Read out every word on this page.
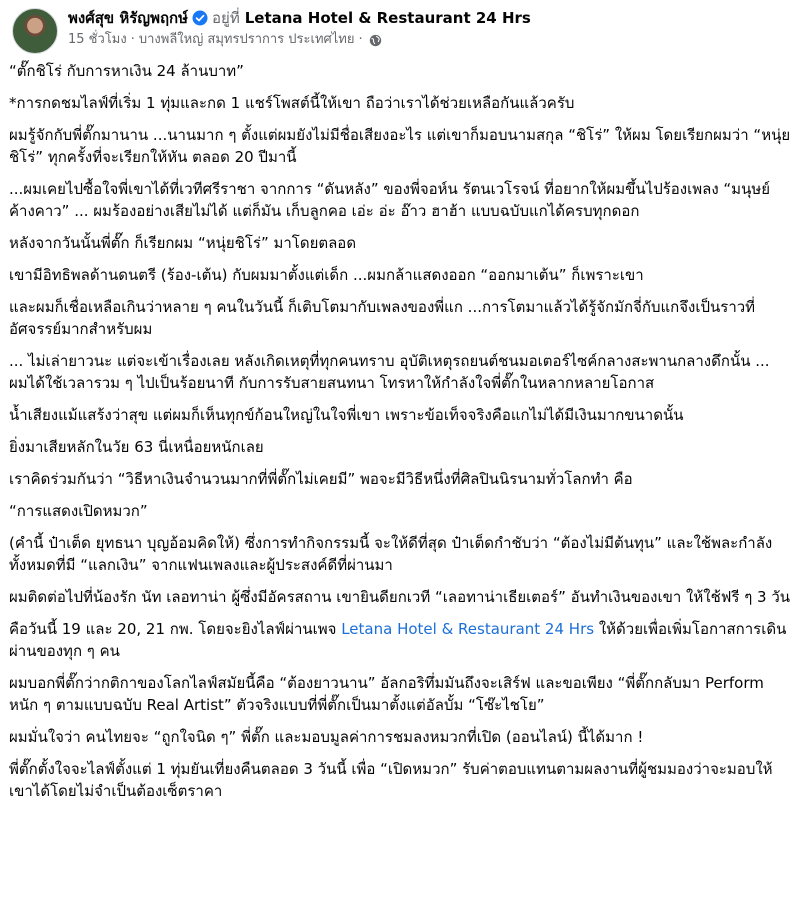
พงศ์สุข หิรัญพฤกษ์ อยู่ที่ Letana Hotel & Restaurant 24 Hrs
15 ชั่วโมง · บางพลีใหญ่ สมุทรปราการ ประเทศไทย ·

“ตั๊กชิโร่ กับการหาเงิน 24 ล้านบาท”

*การกดชมไลฟ์ที่เริ่ม 1 ทุ่มและกด 1 แชร์โพสต์นี้ให้เขา ถือว่าเราได้ช่วยเหลือกันแล้วครับ

ผมรู้จักกับพี่ตั๊กมานาน ...นานมาก ๆ ตั้งแต่ผมยังไม่มีชื่อเสียงอะไร แต่เขาก็มอบนามสกุล “ชิโร่” ให้ผม โดยเรียกผมว่า “หนุ่ยชิโร่” ทุกครั้งที่จะเรียกให้หัน ตลอด 20 ปีมานี้

...ผมเคยไปซื้อใจพี่เขาได้ที่เวทีศรีราชา จากการ “ดันหลัง” ของพี่จอห์น รัตนเวโรจน์ ที่อยากให้ผมขึ้นไปร้องเพลง “มนุษย์ค้างคาว” ... ผมร้องอย่างเสียไม่ได้ แต่ก็มัน เก็บลูกคอ เอ่ะ อ่ะ อ๊าว ฮาฮ้า แบบฉบับแกได้ครบทุกดอก

หลังจากวันนั้นพี่ตั๊ก ก็เรียกผม “หนุ่ยชิโร่” มาโดยตลอด

เขามีอิทธิพลด้านดนตรี (ร้อง-เต้น) กับผมมาตั้งแต่เด็ก ...ผมกล้าแสดงออก “ออกมาเต้น” ก็เพราะเขา

และผมก็เชื่อเหลือเกินว่าหลาย ๆ คนในวันนี้ ก็เติบโตมากับเพลงของพี่แก ...การโตมาแล้วได้รู้จักมักจี่กับแกจึงเป็นราวที่อัศจรรย์มากสำหรับผม

... ไม่เล่ายาวนะ แต่จะเข้าเรื่องเลย หลังเกิดเหตุที่ทุกคนทราบ อุบัติเหตุรถยนต์ชนมอเตอร์ไซค์กลางสะพานกลางดึกนั้น ... ผมได้ใช้เวลารวม ๆ ไปเป็นร้อยนาที กับการรับสายสนทนา โทรหาให้กำลังใจพี่ตั๊กในหลากหลายโอกาส

น้ำเสียงแม้แสร้งว่าสุข แต่ผมก็เห็นทุกข์ก้อนใหญ่ในใจพี่เขา เพราะข้อเท็จจริงคือแกไม่ได้มีเงินมากขนาดนั้น

ยิ่งมาเสียหลักในวัย 63 นี่เหนื่อยหนักเลย

เราคิดร่วมกันว่า “วิธีหาเงินจำนวนมากที่พี่ตั๊กไม่เคยมี” พอจะมีวิธีหนึ่งที่ศิลปินนิรนามทั่วโลกทำ คือ

“การแสดงเปิดหมวก”

(คำนี้ ป๋าเต็ด ยุทธนา บุญอ้อมคิดให้) ซึ่งการทำกิจกรรมนี้ จะให้ดีที่สุด ป๋าเต็ดกำชับว่า “ต้องไม่มีต้นทุน” และใช้พละกำลังทั้งหมดที่มี “แลกเงิน” จากแฟนเพลงและผู้ประสงค์ดีที่ผ่านมา

ผมติดต่อไปที่น้องรัก นัท เลอทาน่า ผู้ซึ่งมีอัครสถาน เขายินดียกเวที “เลอทาน่าเธียเตอร์” อันทำเงินของเขา ให้ใช้ฟรี ๆ 3 วัน

คือวันนี้ 19 และ 20, 21 กพ. โดยจะยิงไลฟ์ผ่านเพจ Letana Hotel & Restaurant 24 Hrs ให้ด้วยเพื่อเพิ่มโอกาสการเดินผ่านของทุก ๆ คน

ผมบอกพี่ตั๊กว่ากติกาของโลกไลฟ์สมัยนี้คือ “ต้องยาวนาน” อัลกอริทึ่มมันถึงจะเสิร์ฟ และขอเพียง “พี่ตั๊กกลับมา Perform หนัก ๆ ตามแบบฉบับ Real Artist” ตัวจริงแบบที่พี่ตั๊กเป็นมาตั้งแต่อัลบั้ม “โซ๊ะไชโย”

ผมมั่นใจว่า คนไทยจะ “ถูกใจนิด ๆ” พี่ตั๊ก และมอบมูลค่าการชมลงหมวกที่เปิด (ออนไลน์) นี้ได้มาก !

พี่ตั๊กตั้งใจจะไลฟ์ตั้งแต่ 1 ทุ่มยันเที่ยงคืนตลอด 3 วันนี้ เพื่อ “เปิดหมวก” รับค่าตอบแทนตามผลงานที่ผู้ชมมองว่าจะมอบให้เขาได้โดยไม่จำเป็นต้องเซ็ตราคา
